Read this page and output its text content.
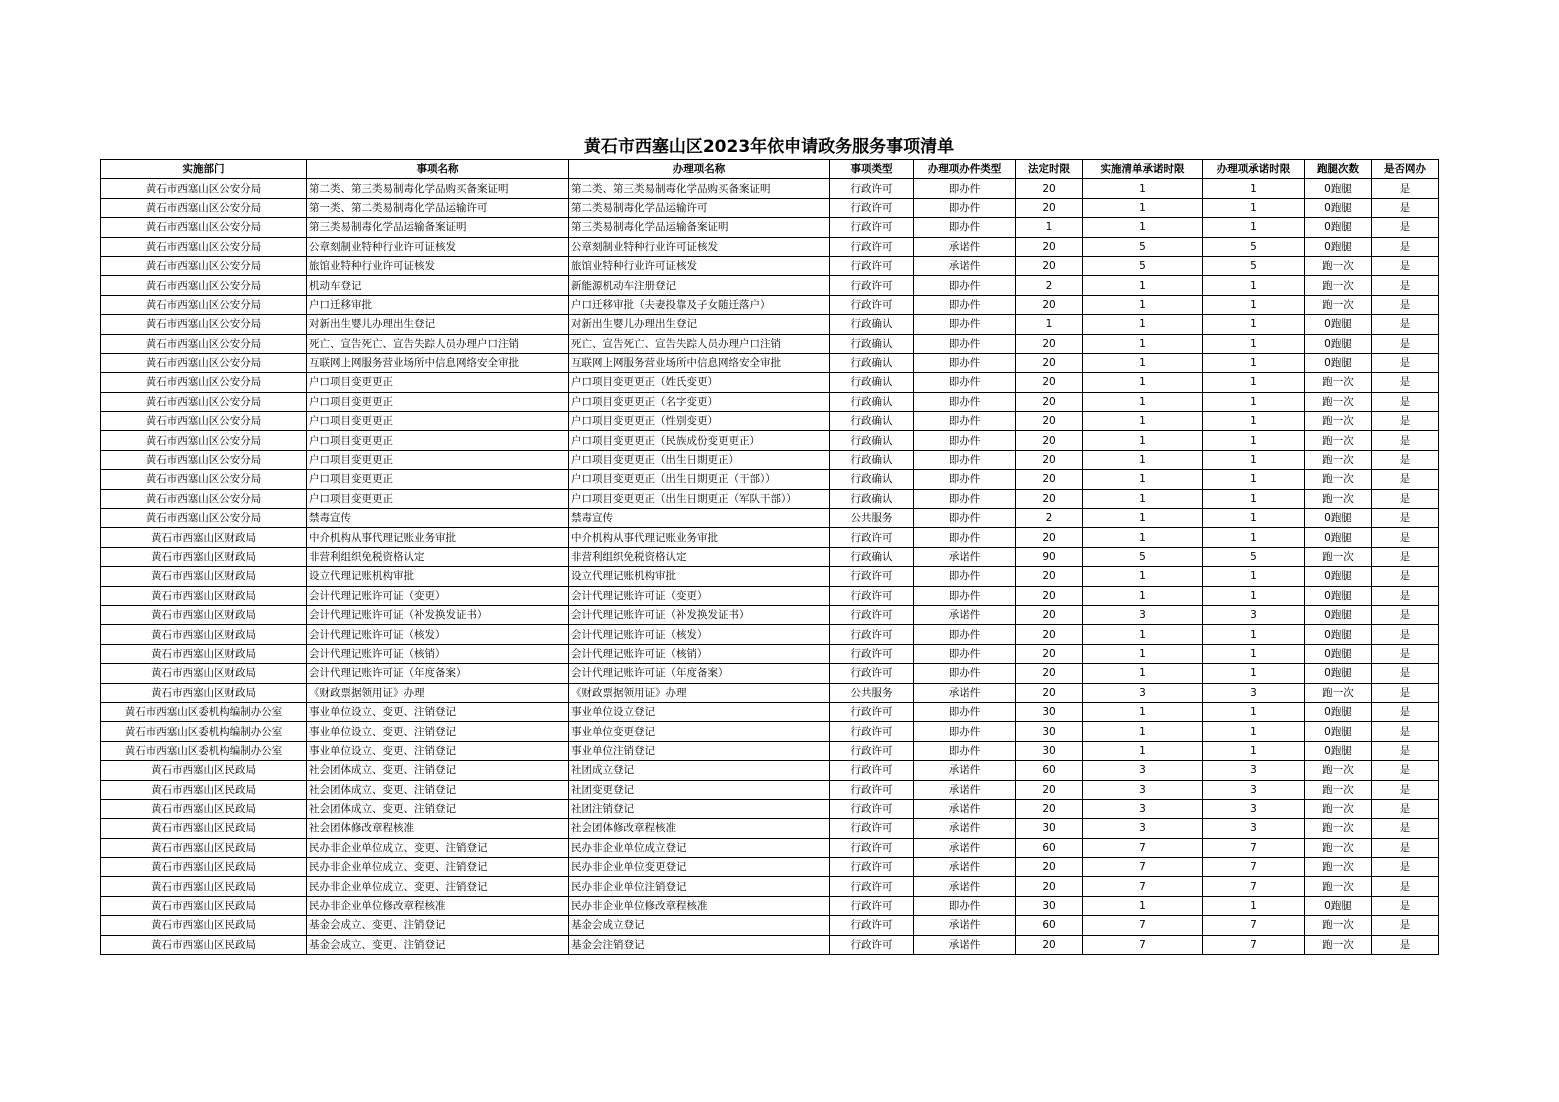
黄石市西塞山区2023年依申请政务服务事项清单
实施部门	事项名称	办理项名称	事项类型	办理项办件类型	法定时限	实施清单承诺时限	办理项承诺时限	跑腿次数	是否网办
黄石市西塞山区公安分局	第二类、第三类易制毒化学品购买备案证明	第二类、第三类易制毒化学品购买备案证明	行政许可	即办件	20	1	1	0跑腿	是
黄石市西塞山区公安分局	第一类、第二类易制毒化学品运输许可	第二类易制毒化学品运输许可	行政许可	即办件	20	1	1	0跑腿	是
黄石市西塞山区公安分局	第三类易制毒化学品运输备案证明	第三类易制毒化学品运输备案证明	行政许可	即办件	1	1	1	0跑腿	是
黄石市西塞山区公安分局	公章刻制业特种行业许可证核发	公章刻制业特种行业许可证核发	行政许可	承诺件	20	5	5	0跑腿	是
黄石市西塞山区公安分局	旅馆业特种行业许可证核发	旅馆业特种行业许可证核发	行政许可	承诺件	20	5	5	跑一次	是
黄石市西塞山区公安分局	机动车登记	新能源机动车注册登记	行政许可	即办件	2	1	1	跑一次	是
黄石市西塞山区公安分局	户口迁移审批	户口迁移审批（夫妻投靠及子女随迁落户）	行政许可	即办件	20	1	1	跑一次	是
黄石市西塞山区公安分局	对新出生婴儿办理出生登记	对新出生婴儿办理出生登记	行政确认	即办件	1	1	1	0跑腿	是
黄石市西塞山区公安分局	死亡、宣告死亡、宣告失踪人员办理户口注销	死亡、宣告死亡、宣告失踪人员办理户口注销	行政确认	即办件	20	1	1	0跑腿	是
黄石市西塞山区公安分局	互联网上网服务营业场所中信息网络安全审批	互联网上网服务营业场所中信息网络安全审批	行政确认	即办件	20	1	1	0跑腿	是
黄石市西塞山区公安分局	户口项目变更更正	户口项目变更更正（姓氏变更）	行政确认	即办件	20	1	1	跑一次	是
黄石市西塞山区公安分局	户口项目变更更正	户口项目变更更正（名字变更）	行政确认	即办件	20	1	1	跑一次	是
黄石市西塞山区公安分局	户口项目变更更正	户口项目变更更正（性别变更）	行政确认	即办件	20	1	1	跑一次	是
黄石市西塞山区公安分局	户口项目变更更正	户口项目变更更正（民族成份变更更正）	行政确认	即办件	20	1	1	跑一次	是
黄石市西塞山区公安分局	户口项目变更更正	户口项目变更更正（出生日期更正）	行政确认	即办件	20	1	1	跑一次	是
黄石市西塞山区公安分局	户口项目变更更正	户口项目变更更正（出生日期更正（干部））	行政确认	即办件	20	1	1	跑一次	是
黄石市西塞山区公安分局	户口项目变更更正	户口项目变更更正（出生日期更正（军队干部））	行政确认	即办件	20	1	1	跑一次	是
黄石市西塞山区公安分局	禁毒宣传	禁毒宣传	公共服务	即办件	2	1	1	0跑腿	是
黄石市西塞山区财政局	中介机构从事代理记账业务审批	中介机构从事代理记账业务审批	行政许可	即办件	20	1	1	0跑腿	是
黄石市西塞山区财政局	非营利组织免税资格认定	非营利组织免税资格认定	行政确认	承诺件	90	5	5	跑一次	是
黄石市西塞山区财政局	设立代理记账机构审批	设立代理记账机构审批	行政许可	即办件	20	1	1	0跑腿	是
黄石市西塞山区财政局	会计代理记账许可证（变更）	会计代理记账许可证（变更）	行政许可	即办件	20	1	1	0跑腿	是
黄石市西塞山区财政局	会计代理记账许可证（补发换发证书）	会计代理记账许可证（补发换发证书）	行政许可	承诺件	20	3	3	0跑腿	是
黄石市西塞山区财政局	会计代理记账许可证（核发）	会计代理记账许可证（核发）	行政许可	即办件	20	1	1	0跑腿	是
黄石市西塞山区财政局	会计代理记账许可证（核销）	会计代理记账许可证（核销）	行政许可	即办件	20	1	1	0跑腿	是
黄石市西塞山区财政局	会计代理记账许可证（年度备案）	会计代理记账许可证（年度备案）	行政许可	即办件	20	1	1	0跑腿	是
黄石市西塞山区财政局	《财政票据领用证》办理	《财政票据领用证》办理	公共服务	承诺件	20	3	3	跑一次	是
黄石市西塞山区委机构编制办公室	事业单位设立、变更、注销登记	事业单位设立登记	行政许可	即办件	30	1	1	0跑腿	是
黄石市西塞山区委机构编制办公室	事业单位设立、变更、注销登记	事业单位变更登记	行政许可	即办件	30	1	1	0跑腿	是
黄石市西塞山区委机构编制办公室	事业单位设立、变更、注销登记	事业单位注销登记	行政许可	即办件	30	1	1	0跑腿	是
黄石市西塞山区民政局	社会团体成立、变更、注销登记	社团成立登记	行政许可	承诺件	60	3	3	跑一次	是
黄石市西塞山区民政局	社会团体成立、变更、注销登记	社团变更登记	行政许可	承诺件	20	3	3	跑一次	是
黄石市西塞山区民政局	社会团体成立、变更、注销登记	社团注销登记	行政许可	承诺件	20	3	3	跑一次	是
黄石市西塞山区民政局	社会团体修改章程核准	社会团体修改章程核准	行政许可	承诺件	30	3	3	跑一次	是
黄石市西塞山区民政局	民办非企业单位成立、变更、注销登记	民办非企业单位成立登记	行政许可	承诺件	60	7	7	跑一次	是
黄石市西塞山区民政局	民办非企业单位成立、变更、注销登记	民办非企业单位变更登记	行政许可	承诺件	20	7	7	跑一次	是
黄石市西塞山区民政局	民办非企业单位成立、变更、注销登记	民办非企业单位注销登记	行政许可	承诺件	20	7	7	跑一次	是
黄石市西塞山区民政局	民办非企业单位修改章程核准	民办非企业单位修改章程核准	行政许可	即办件	30	1	1	0跑腿	是
黄石市西塞山区民政局	基金会成立、变更、注销登记	基金会成立登记	行政许可	承诺件	60	7	7	跑一次	是
黄石市西塞山区民政局	基金会成立、变更、注销登记	基金会注销登记	行政许可	承诺件	20	7	7	跑一次	是
